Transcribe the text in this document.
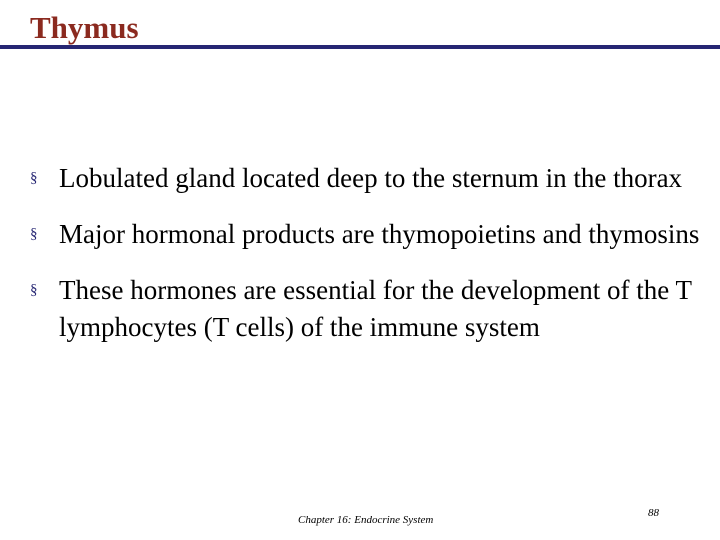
Thymus
§ Lobulated gland located deep to the sternum in the thorax
§ Major hormonal products are thymopoietins and thymosins
§ These hormones are essential for the development of the T lymphocytes (T cells) of the immune system
Chapter 16: Endocrine System
88
